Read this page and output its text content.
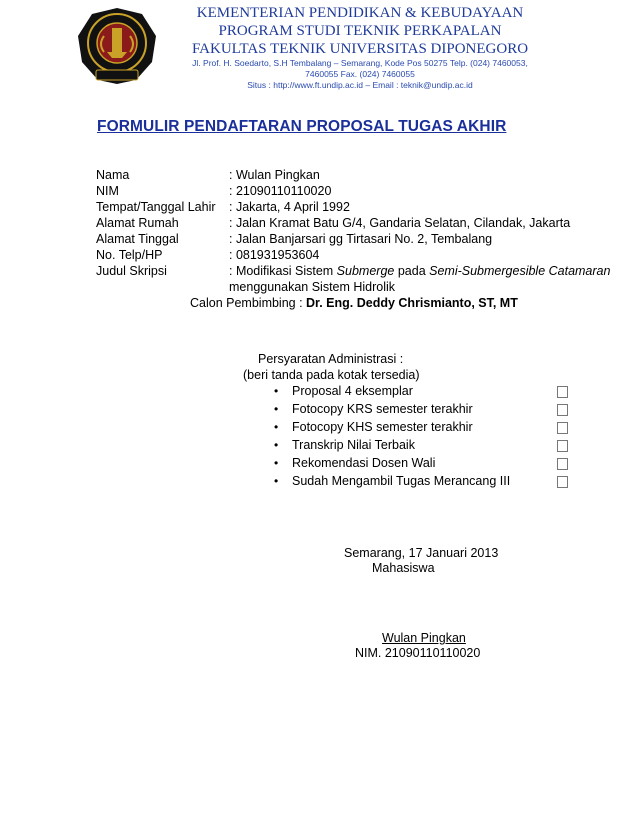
KEMENTERIAN PENDIDIKAN & KEBUDAYAAN
PROGRAM STUDI TEKNIK PERKAPALAN
FAKULTAS TEKNIK UNIVERSITAS DIPONEGORO
Jl. Prof. H. Soedarto, S.H Tembalang – Semarang, Kode Pos 50275 Telp. (024) 7460053,
7460055 Fax. (024) 7460055
Situs : http://www.ft.undip.ac.id – Email : teknik@undip.ac.id
FORMULIR PENDAFTARAN PROPOSAL TUGAS AKHIR
Nama	: Wulan Pingkan
NIM	: 21090110110020
Tempat/Tanggal Lahir : Jakarta, 4 April 1992
Alamat Rumah	: Jalan Kramat Batu G/4, Gandaria Selatan, Cilandak, Jakarta
Alamat Tinggal	: Jalan Banjarsari gg Tirtasari No. 2, Tembalang
No. Telp/HP	: 081931953604
Judul Skripsi	: Modifikasi Sistem Submerge pada Semi-Submergesible Catamaran
menggunakan Sistem Hidrolik
Calon Pembimbing : Dr. Eng. Deddy Chrismianto, ST, MT
Persyaratan Administrasi :
(beri tanda pada kotak tersedia)
• Proposal 4 eksemplar
• Fotocopy KRS semester terakhir
• Fotocopy KHS semester terakhir
• Transkrip Nilai Terbaik
• Rekomendasi Dosen Wali
• Sudah Mengambil Tugas Merancang III
Semarang, 17 Januari 2013
Mahasiswa
Wulan Pingkan
NIM. 21090110110020
